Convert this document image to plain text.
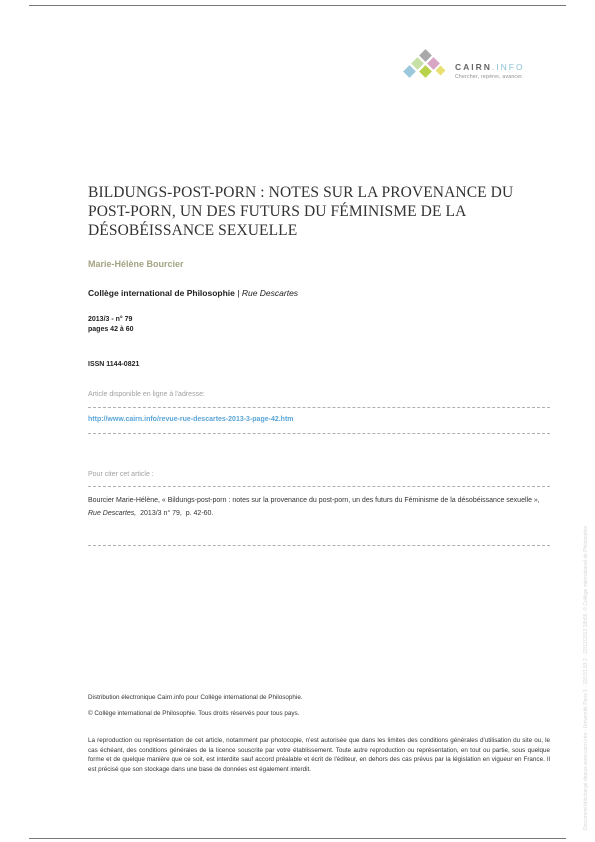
CAIRN.INFO
Chercher, repérer, avancer.
BILDUNGS-POST-PORN : NOTES SUR LA PROVENANCE DU POST-PORN, UN DES FUTURS DU FÉMINISME DE LA DÉSOBÉISSANCE SEXUELLE
Marie-Hélène Bourcier
Collège international de Philosophie | Rue Descartes
2013/3 - n° 79
pages 42 à 60
ISSN 1144-0821
Article disponible en ligne à l'adresse:
http://www.cairn.info/revue-rue-descartes-2013-3-page-42.htm
Pour citer cet article :
Bourcier Marie-Hélène, « Bildungs-post-porn : notes sur la provenance du post-porn, un des futurs du Féminisme de la désobéissance sexuelle »,
Rue Descartes,  2013/3 n° 79,  p. 42-60.
Distribution électronique Cairn.info pour Collège international de Philosophie.
© Collège international de Philosophie. Tous droits réservés pour tous pays.
La reproduction ou représentation de cet article, notamment par photocopie, n'est autorisée que dans les limites des conditions générales d'utilisation du site ou, le cas échéant, des conditions générales de la licence souscrite par votre établissement. Toute autre reproduction ou représentation, en tout ou partie, sous quelque forme et de quelque manière que ce soit, est interdite sauf accord préalable et écrit de l'éditeur, en dehors des cas prévus par la législation en vigueur en France. Il est précisé que son stockage dans une base de données est également interdit.	Document téléchargé depuis www.cairn.info - Université Paris 1 - 193.51.83.2 - 22/12/2013 18h56. © Collège international de Philosophie
